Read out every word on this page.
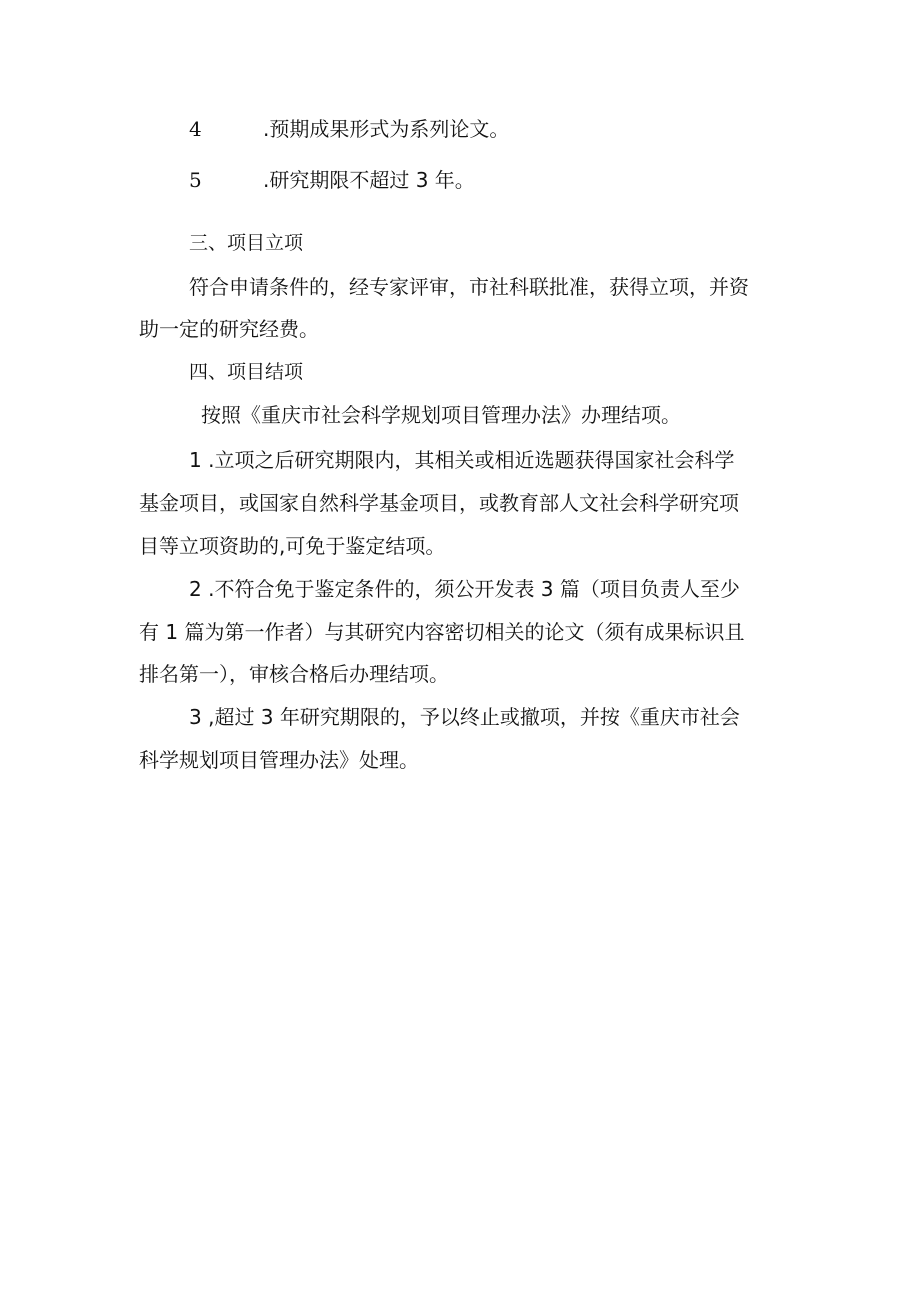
4	.预期成果形式为系列论文。
5	.研究期限不超过 3 年。
三、项目立项
符合申请条件的，经专家评审，市社科联批准，获得立项，并资
助一定的研究经费。
四、项目结项
按照《重庆市社会科学规划项目管理办法》办理结项。
1 .立项之后研究期限内，其相关或相近选题获得国家社会科学
基金项目，或国家自然科学基金项目，或教育部人文社会科学研究项
目等立项资助的,可免于鉴定结项。
2 .不符合免于鉴定条件的，须公开发表 3 篇（项目负责人至少
有 1 篇为第一作者）与其研究内容密切相关的论文（须有成果标识且
排名第一），审核合格后办理结项。
3 ,超过 3 年研究期限的，予以终止或撤项，并按《重庆市社会
科学规划项目管理办法》处理。
